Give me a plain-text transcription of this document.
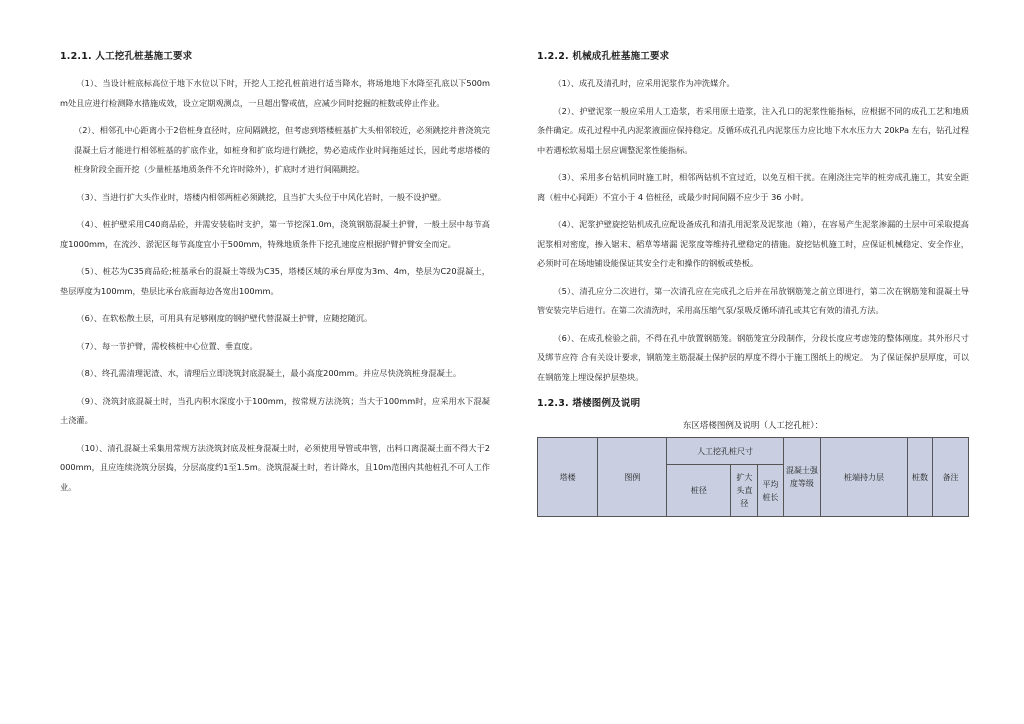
1.2.1. 人工挖孔桩基施工要求
（1）、当设计桩底标高位于地下水位以下时，开挖人工挖孔桩前进行适当降水，将场地地下水降至孔底以下500mm处且应进行检测降水措施成效，设立定期观测点，一旦超出警戒值，应减少同时挖掘的桩数或停止作业。
（2）、相邻孔中心距离小于2倍桩身直径时，应间隔跳挖，但考虑到塔楼桩基扩大头相邻较近，必须跳挖并普浇筑完混凝土后才能进行相邻桩基的扩底作业，如桩身和扩底均进行跳挖，势必造成作业时间拖延过长，因此考虑塔楼的桩身阶段全面开挖（少量桩基地质条件不允许时除外），扩底时才进行间隔跳挖。
（3）、当进行扩大头作业时，塔楼内相邻两桩必须跳挖，且当扩大头位于中风化岩时，一般不设护壁。
（4）、桩护壁采用C40商品砼，并需安装临时支护，第一节挖深1.0m，浇筑钢筋混凝土护臂，一般土层中每节高度1000mm，在流沙、淤泥区每节高度宜小于500mm，特殊地质条件下挖孔速度应根据护臂护臂安全而定。
（5）、桩芯为C35商品砼;桩基承台的混凝土等级为C35，塔楼区域的承台厚度为3m、4m，垫层为C20混凝土，垫层厚度为100mm，垫层比承台底面每边各宽出100mm。
（6）、在软松散土层，可用具有足够刚度的钢护壁代替混凝土护臂，应随挖随沉。
（7）、每一节护臂，需校核桩中心位置、垂直度。
（8）、终孔需清理泥渣、水，清理后立即浇筑封底混凝土，最小高度200mm。并应尽快浇筑桩身混凝土。
（9）、浇筑封底混凝土时，当孔内积水深度小于100mm，按常规方法浇筑；当大于100mm时，应采用水下混凝土浇灌。
（10）、清孔混凝土采集用常规方法浇筑封底及桩身混凝土时，必须使用导管或串管，出料口离混凝土面不得大于2000mm，且应连续浇筑分层捣，分层高度约1至1.5m。浇筑混凝土时，若计降水，且10m范围内其他桩孔不可人工作业。
1.2.2. 机械成孔桩基施工要求
（1）、成孔及清孔时，应采用泥浆作为冲洗媒介。
（2）、护壁泥浆一般应采用人工造浆，若采用原土造浆，注入孔口的泥浆性能指标，应根据不同的成孔工艺和地质条件确定。成孔过程中孔内泥浆液面应保持稳定。反循环成孔孔内泥浆压力应比地下水水压力大 20kPa 左右，钻孔过程中若遇松软易塌土层应调整泥浆性能指标。
（3）、采用多台钻机同时施工时，相邻两钻机不宜过近，以免互相干扰。在刚浇注完毕的桩旁成孔施工，其安全距离（桩中心间距）不宜小于 4 倍桩径，或最少时间间隔不应少于 36 小时。
（4）、泥浆护壁旋挖钻机成孔应配设备成孔和清孔用泥浆及泥浆池（箱），在容易产生泥浆渗漏的土层中可采取提高泥浆相对密度，掺入锯末、稻草等堵漏 泥浆度等维持孔壁稳定的措施。旋挖钻机施工时，应保证机械稳定、安全作业，必须时可在场地铺设能保证其安全行走和操作的钢板或垫板。
（5）、清孔应分二次进行，第一次清孔应在完成孔之后并在吊放钢筋笼之前立即进行，第二次在钢筋笼和混凝土导管安装完毕后进行。在第二次清洗时，采用高压缩气泵/泵吸反循环清孔或其它有效的清孔方法。
（6）、在成孔检验之前，不得在孔中放置钢筋笼。钢筋笼宜分段制作，分段长度应考虑笼的整体刚度。其外形尺寸及绑节应符 合有关设计要求，钢筋笼主筋混凝土保护层的厚度不得小于施工图纸上的规定。 为了保证保护层厚度，可以在钢筋笼上埋设保护层垫块。
1.2.3. 塔楼图例及说明
东区塔楼图例及说明（人工挖孔桩）：
塔楼	图例	人工挖孔桩尺寸			混凝土强度等级	桩端持力层	桩数	备注
		桩径	扩大头直径	平均桩长				
